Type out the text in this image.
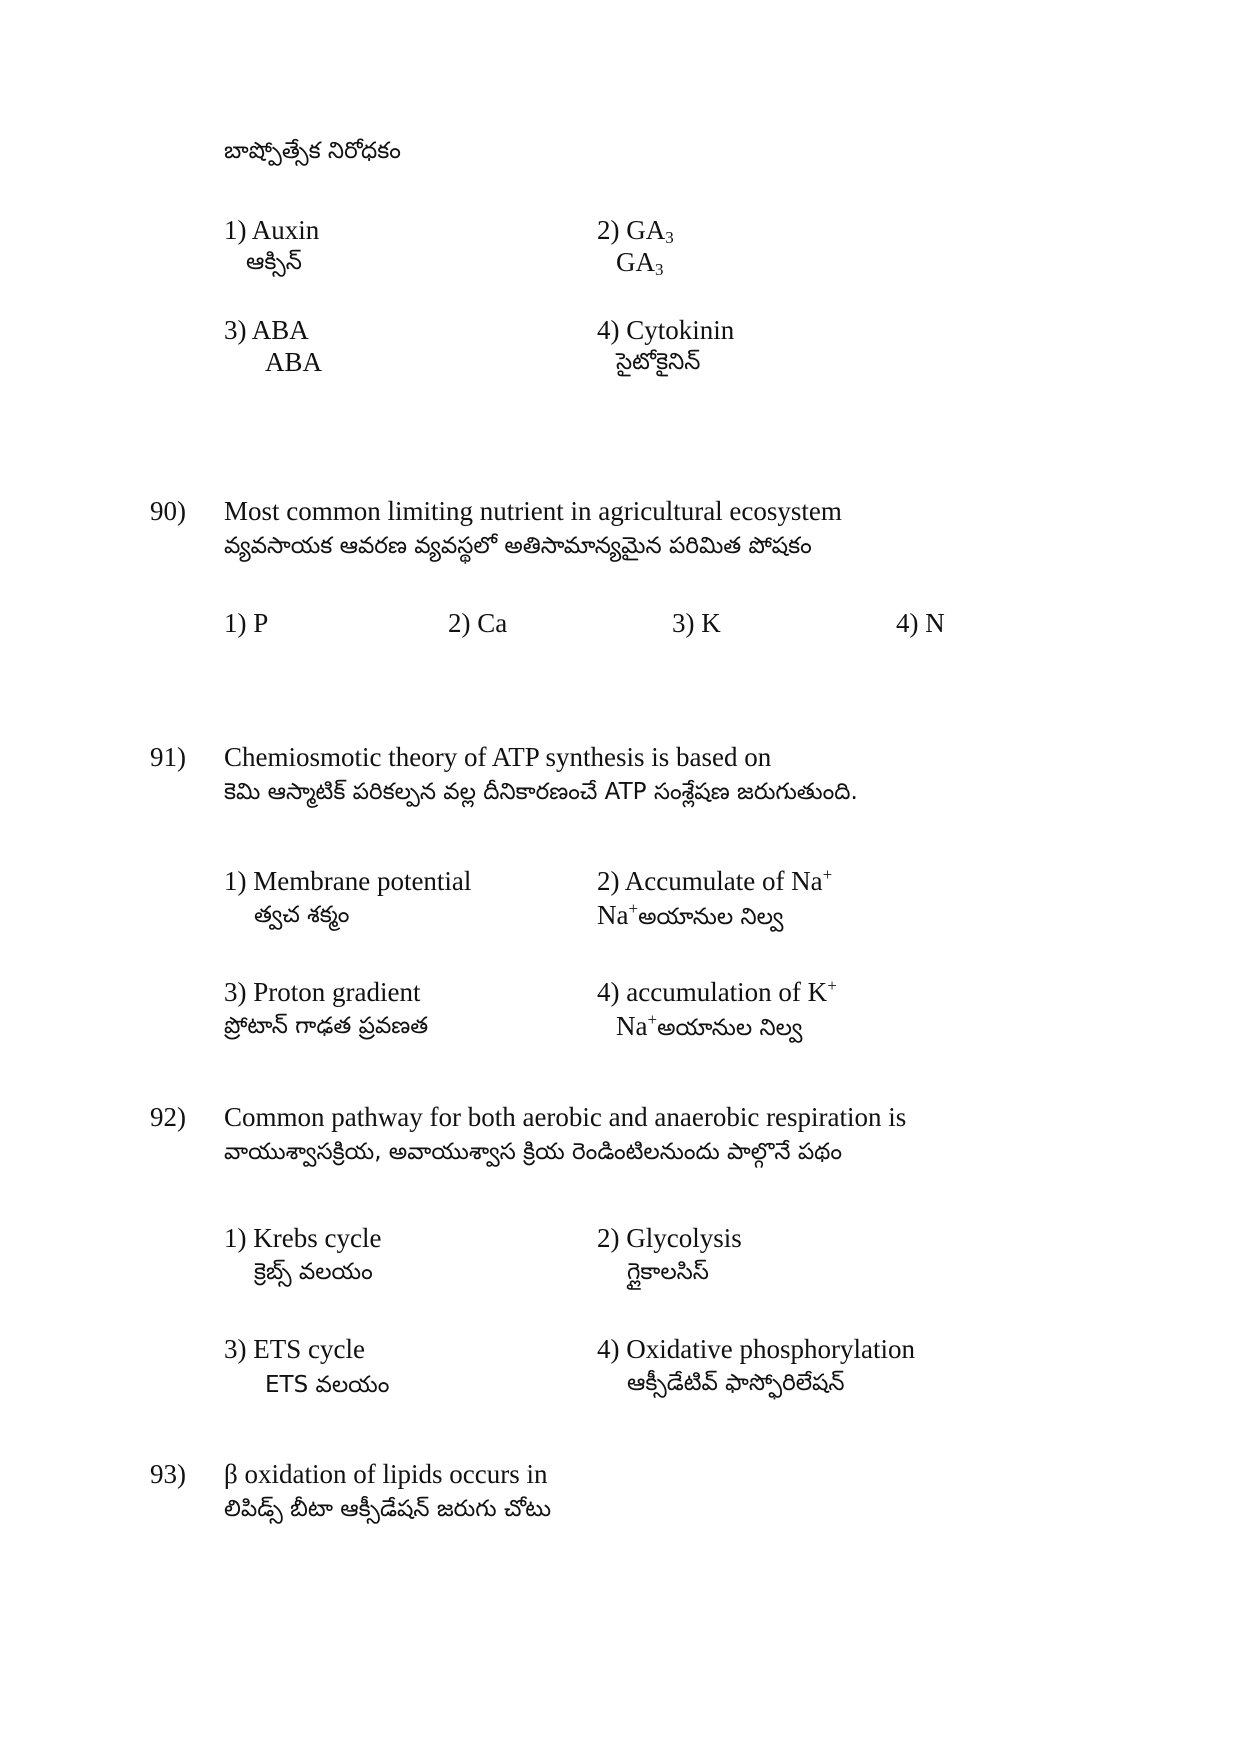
బాష్పోత్సేక నిరోధకం
1) Auxin
ఆక్సిన్
2) $GA_3$
$GA_3$
3) ABA
ABA
4) Cytokinin
సైటోకైనిన్
90) Most common limiting nutrient in agricultural ecosystem
వ్యవసాయక ఆవరణ వ్యవస్థలో అతిసామాన్యమైన పరిమిత పోషకం
1) P	2) Ca	3) K	4) N
91) Chemiosmotic theory of ATP synthesis is based on
కెమి ఆస్మాటిక్ పరికల్పన వల్ల దీనికారణంచే ATP సంశ్లేషణ జరుగుతుంది.
1) Membrane potential
త్వచ శక్మం
2) Accumulate of Na+
Na+అయానుల నిల్వ
3) Proton gradient
ప్రోటాన్ గాఢత ప్రవణత
4) accumulation of K+
Na+అయానుల నిల్వ
92) Common pathway for both aerobic and anaerobic respiration is
వాయుశ్వాసక్రియ, అవాయుశ్వాస క్రియ రెండింటిలనుందు పాల్గొనే పథం
1) Krebs cycle
క్రెబ్స్ వలయం
2) Glycolysis
గ్లైకాలసిస్
3) ETS cycle
ETS వలయం
4) Oxidative phosphorylation
ఆక్సీడేటివ్ ఫాస్ఫోరిలేషన్
93) β oxidation of lipids occurs in
లిపిడ్స్ బీటా ఆక్సీడేషన్ జరుగు చోటు
